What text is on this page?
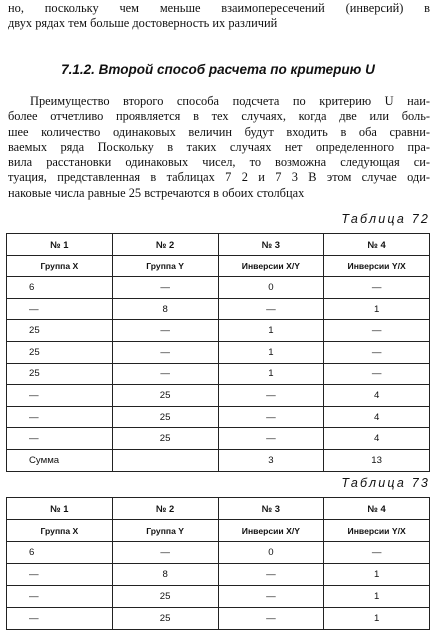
но, поскольку чем меньше взаимопересечений (инверсий) в
двух рядах тем больше достоверность их различий

7.1.2. Второй способ расчета по критерию U

Преимущество второго способа подсчета по критерию U наи-
более отчетливо проявляется в тех случаях, когда две или боль-
шее количество одинаковых величин будут входить в оба сравни-
ваемых ряда Поскольку в таких случаях нет определенного пра-
вила расстановки одинаковых чисел, то возможна следующая си-
туация, представленная в таблицах 7 2 и 7 3 В этом случае оди-
наковые числа равные 25 встречаются в обоих столбцах

Таблица 72

№ 1	№ 2	№ 3	№ 4
Группа X	Группа Y	Инверсии X/Y	Инверсии Y/X
6	—	0	—
—	8	—	1
25	—	1	—
25	—	1	—
25	—	1	—
—	25	—	4
—	25	—	4
—	25	—	4
Сумма		3	13

Таблица 73

№ 1	№ 2	№ 3	№ 4
Группа X	Группа Y	Инверсии X/Y	Инверсии Y/X
6	—	0	—
—	8	—	1
—	25	—	1
—	25	—	1
